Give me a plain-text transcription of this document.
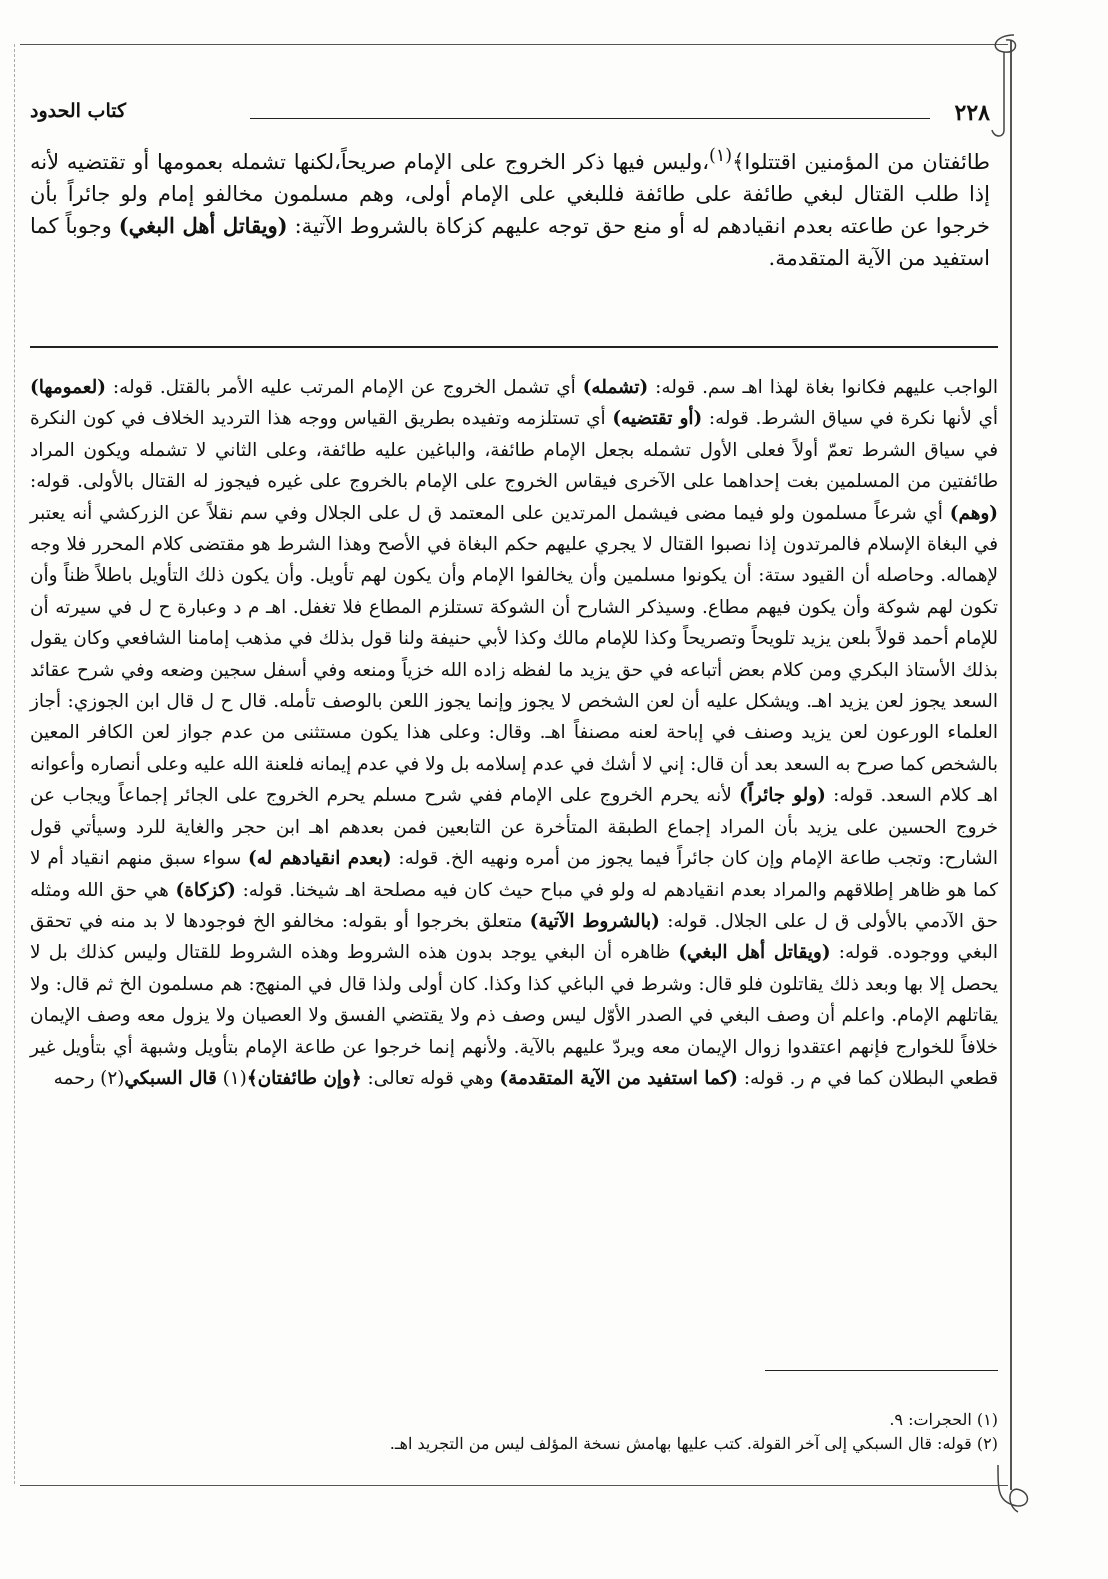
٢٢٨
كتاب الحدود
طائفتان من المؤمنين اقتتلوا﴾$^{(١)}$،وليس فيها ذكر الخروج على الإمام صريحاً،لكنها تشمله بعمومها أو تقتضيه لأنه إذا طلب القتال لبغي طائفة على طائفة فللبغي على الإمام أولى، وهم مسلمون مخالفو إمام ولو جائراً بأن خرجوا عن طاعته بعدم انقيادهم له أو منع حق توجه عليهم كزكاة بالشروط الآتية: (ويقاتل أهل البغي) وجوباً كما استفيد من الآية المتقدمة.
الواجب عليهم فكانوا بغاة لهذا اهـ سم. قوله: (تشمله) أي تشمل الخروج عن الإمام المرتب عليه الأمر بالقتل. قوله: (لعمومها) أي لأنها نكرة في سياق الشرط. قوله: (أو تقتضيه) أي تستلزمه وتفيده بطريق القياس ووجه هذا الترديد الخلاف في كون النكرة في سياق الشرط تعمّ أولاً فعلى الأول تشمله بجعل الإمام طائفة، والباغين عليه طائفة، وعلى الثاني لا تشمله ويكون المراد طائفتين من المسلمين بغت إحداهما على الآخرى فيقاس الخروج على الإمام بالخروج على غيره فيجوز له القتال بالأولى. قوله: (وهم) أي شرعاً مسلمون ولو فيما مضى فيشمل المرتدين على المعتمد ق ل على الجلال وفي سم نقلاً عن الزركشي أنه يعتبر في البغاة الإسلام فالمرتدون إذا نصبوا القتال لا يجري عليهم حكم البغاة في الأصح وهذا الشرط هو مقتضى كلام المحرر فلا وجه لإهماله. وحاصله أن القيود ستة: أن يكونوا مسلمين وأن يخالفوا الإمام وأن يكون لهم تأويل. وأن يكون ذلك التأويل باطلاً ظناً وأن تكون لهم شوكة وأن يكون فيهم مطاع. وسيذكر الشارح أن الشوكة تستلزم المطاع فلا تغفل. اهـ م د وعبارة ح ل في سيرته أن للإمام أحمد قولاً بلعن يزيد تلويحاً وتصريحاً وكذا للإمام مالك وكذا لأبي حنيفة ولنا قول بذلك في مذهب إمامنا الشافعي وكان يقول بذلك الأستاذ البكري ومن كلام بعض أتباعه في حق يزيد ما لفظه زاده الله خزياً ومنعه وفي أسفل سجين وضعه وفي شرح عقائد السعد يجوز لعن يزيد اهـ. ويشكل عليه أن لعن الشخص لا يجوز وإنما يجوز اللعن بالوصف تأمله. قال ح ل قال ابن الجوزي: أجاز العلماء الورعون لعن يزيد وصنف في إباحة لعنه مصنفاً اهـ. وقال: وعلى هذا يكون مستثنى من عدم جواز لعن الكافر المعين بالشخص كما صرح به السعد بعد أن قال: إني لا أشك في عدم إسلامه بل ولا في عدم إيمانه فلعنة الله عليه وعلى أنصاره وأعوانه اهـ كلام السعد. قوله: (ولو جائراً) لأنه يحرم الخروج على الإمام ففي شرح مسلم يحرم الخروج على الجائر إجماعاً ويجاب عن خروج الحسين على يزيد بأن المراد إجماع الطبقة المتأخرة عن التابعين فمن بعدهم اهـ ابن حجر والغاية للرد وسيأتي قول الشارح: وتجب طاعة الإمام وإن كان جائراً فيما يجوز من أمره ونهيه الخ. قوله: (بعدم انقيادهم له) سواء سبق منهم انقياد أم لا كما هو ظاهر إطلاقهم والمراد بعدم انقيادهم له ولو في مباح حيث كان فيه مصلحة اهـ شيخنا. قوله: (كزكاة) هي حق الله ومثله حق الآدمي بالأولى ق ل على الجلال. قوله: (بالشروط الآتية) متعلق بخرجوا أو بقوله: مخالفو الخ فوجودها لا بد منه في تحقق البغي ووجوده. قوله: (ويقاتل أهل البغي) ظاهره أن البغي يوجد بدون هذه الشروط وهذه الشروط للقتال وليس كذلك بل لا يحصل إلا بها وبعد ذلك يقاتلون فلو قال: وشرط في الباغي كذا وكذا. كان أولى ولذا قال في المنهج: هم مسلمون الخ ثم قال: ولا يقاتلهم الإمام. واعلم أن وصف البغي في الصدر الأوّل ليس وصف ذم ولا يقتضي الفسق ولا العصيان ولا يزول معه وصف الإيمان خلافاً للخوارج فإنهم اعتقدوا زوال الإيمان معه ويردّ عليهم بالآية. ولأنهم إنما خرجوا عن طاعة الإمام بتأويل وشبهة أي بتأويل غير قطعي البطلان كما في م ر. قوله: (كما استفيد من الآية المتقدمة) وهي قوله تعالى: ﴿وإن طائفتان﴾(١) قال السبكي(٢) رحمه
(١) الحجرات: ٩.
(٢) قوله: قال السبكي إلى آخر القولة. كتب عليها بهامش نسخة المؤلف ليس من التجريد اهـ.
